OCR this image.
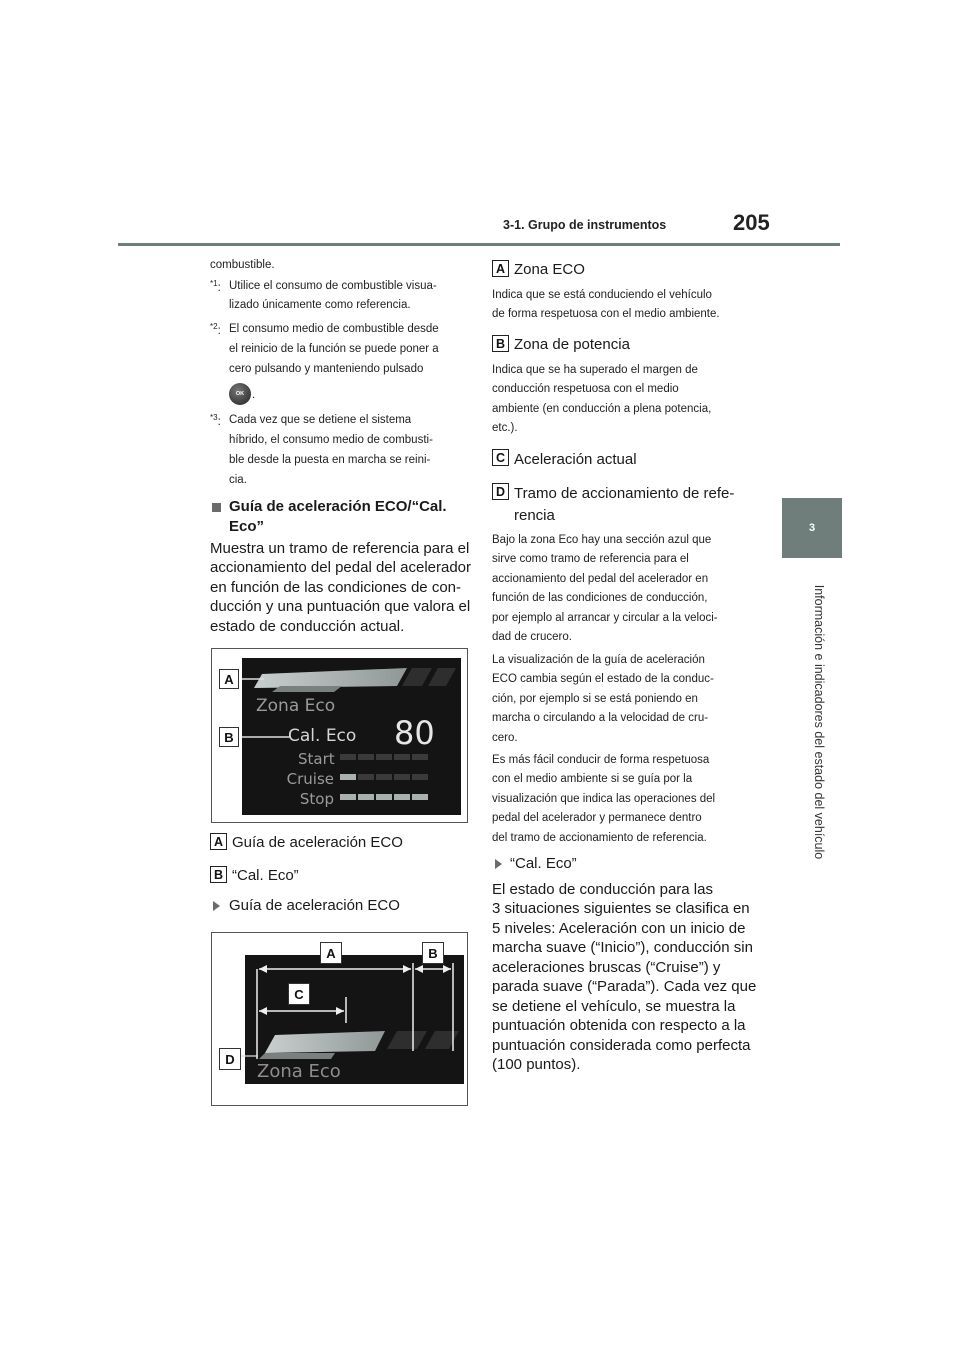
3-1. Grupo de instrumentos	205
3
Información e indicadores del estado del vehículo
combustible.
$^{*1}$: Utilice el consumo de combustible visua-
lizado únicamente como referencia.
$^{*2}$: El consumo medio de combustible desde
el reinicio de la función se puede poner a
cero pulsando y manteniendo pulsado
OK .
$^{*3}$: Cada vez que se detiene el sistema
híbrido, el consumo medio de combusti-
ble desde la puesta en marcha se reini-
cia.
Guía de aceleración ECO/“Cal.
Eco”
Muestra un tramo de referencia para el
accionamiento del pedal del acelerador
en función de las condiciones de con-
ducción y una puntuación que valora el
estado de conducción actual.
Zona Eco
Cal. Eco 80
Start
Cruise
Stop
A
B
A Guía de aceleración ECO
B “Cal. Eco”
Guía de aceleración ECO
Zona Eco
A	B
C
D
A Zona ECO
Indica que se está conduciendo el vehículo
de forma respetuosa con el medio ambiente.
B Zona de potencia
Indica que se ha superado el margen de
conducción respetuosa con el medio
ambiente (en conducción a plena potencia,
etc.).
C Aceleración actual
D Tramo de accionamiento de refe-
rencia
Bajo la zona Eco hay una sección azul que
sirve como tramo de referencia para el
accionamiento del pedal del acelerador en
función de las condiciones de conducción,
por ejemplo al arrancar y circular a la veloci-
dad de crucero.
La visualización de la guía de aceleración
ECO cambia según el estado de la conduc-
ción, por ejemplo si se está poniendo en
marcha o circulando a la velocidad de cru-
cero.
Es más fácil conducir de forma respetuosa
con el medio ambiente si se guía por la
visualización que indica las operaciones del
pedal del acelerador y permanece dentro
del tramo de accionamiento de referencia.
“Cal. Eco”
El estado de conducción para las
3 situaciones siguientes se clasifica en
5 niveles: Aceleración con un inicio de
marcha suave (“Inicio”), conducción sin
aceleraciones bruscas (“Cruise”) y
parada suave (“Parada”). Cada vez que
se detiene el vehículo, se muestra la
puntuación obtenida con respecto a la
puntuación considerada como perfecta
(100 puntos).
